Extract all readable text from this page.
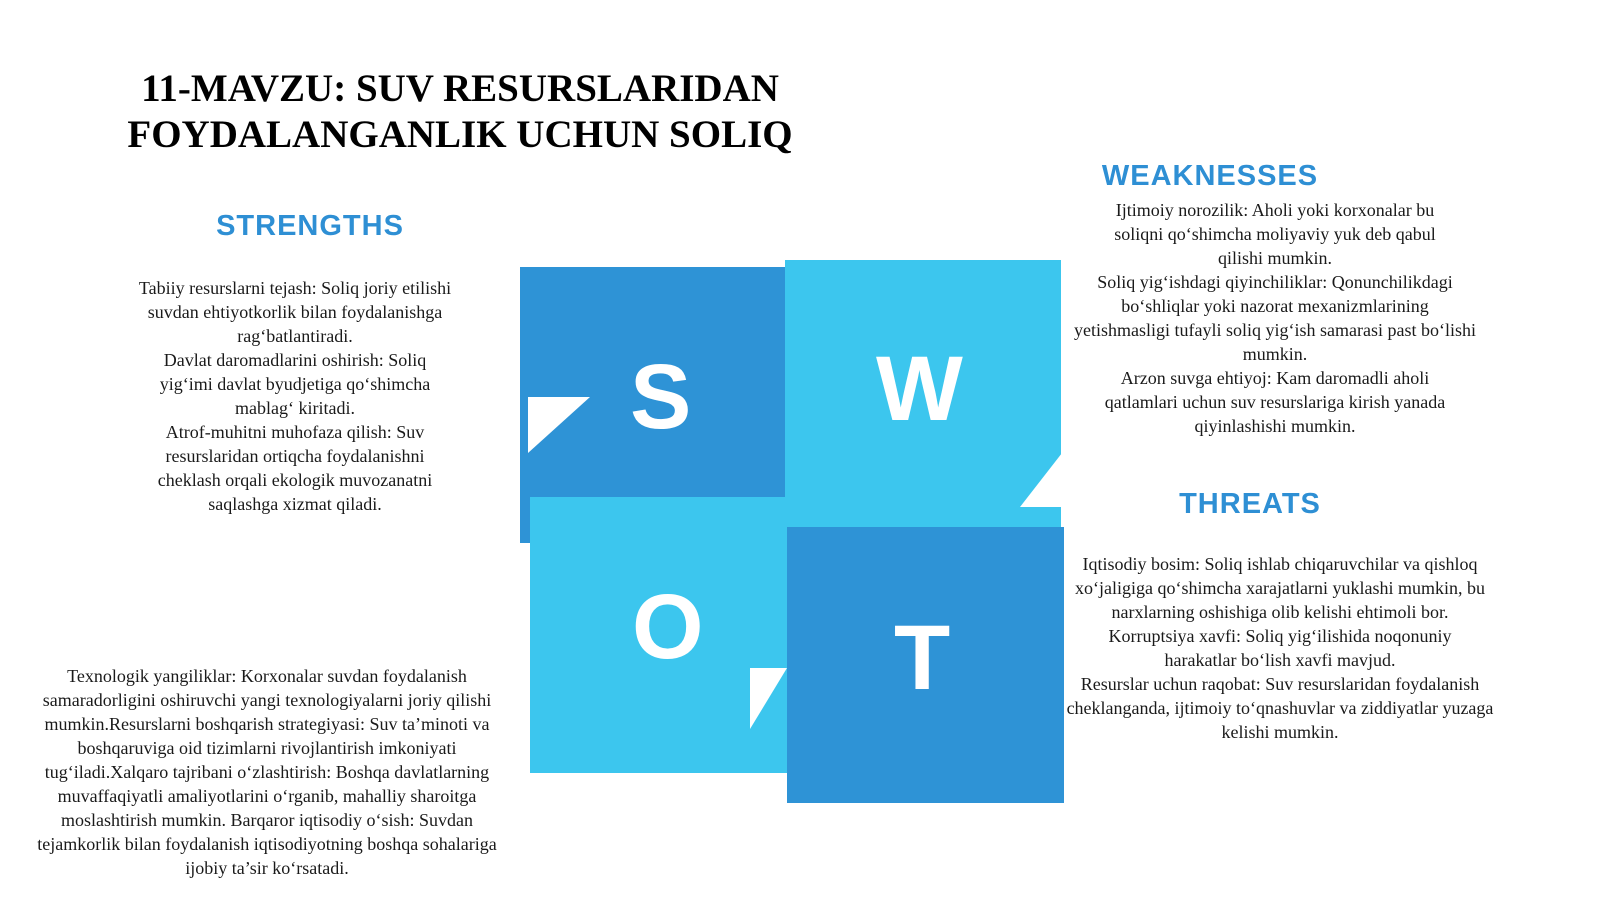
11-MAVZU: SUV RESURSLARIDAN
FOYDALANGANLIK UCHUN SOLIQ
STRENGTHS

Tabiiy resurslarni tejash: Soliq joriy etilishi suvdan ehtiyotkorlik bilan foydalanishga rag‘batlantiradi.

Davlat daromadlarini oshirish: Soliq yig‘imi davlat byudjetiga qo‘shimcha mablag‘ kiritadi.

Atrof-muhitni muhofaza qilish: Suv resurslaridan ortiqcha foydalanishni cheklash orqali ekologik muvozanatni saqlashga xizmat qiladi.

Texnologik yangiliklar: Korxonalar suvdan foydalanish samaradorligini oshiruvchi yangi texnologiyalarni joriy qilishi mumkin.Resurslarni boshqarish strategiyasi: Suv ta’minoti va boshqaruviga oid tizimlarni rivojlantirish imkoniyati tug‘iladi.Xalqaro tajribani o‘zlashtirish: Boshqa davlatlarning muvaffaqiyatli amaliyotlarini o‘rganib, mahalliy sharoitga moslashtirish mumkin. Barqaror iqtisodiy o‘sish: Suvdan tejamkorlik bilan foydalanish iqtisodiyotning boshqa sohalariga ijobiy ta’sir ko‘rsatadi.

S W
O T
WEAKNESSES

Ijtimoiy norozilik: Aholi yoki korxonalar bu soliqni qo‘shimcha moliyaviy yuk deb qabul qilishi mumkin.

Soliq yig‘ishdagi qiyinchiliklar: Qonunchilikdagi bo‘shliqlar yoki nazorat mexanizmlarining yetishmasligi tufayli soliq yig‘ish samarasi past bo‘lishi mumkin.

Arzon suvga ehtiyoj: Kam daromadli aholi qatlamlari uchun suv resurslariga kirish yanada qiyinlashishi mumkin.

THREATS

Iqtisodiy bosim: Soliq ishlab chiqaruvchilar va qishloq xo‘jaligiga qo‘shimcha xarajatlarni yuklashi mumkin, bu narxlarning oshishiga olib kelishi ehtimoli bor.

Korruptsiya xavfi: Soliq yig‘ilishida noqonuniy harakatlar bo‘lish xavfi mavjud.

Resurslar uchun raqobat: Suv resurslaridan foydalanish cheklanganda, ijtimoiy to‘qnashuvlar va ziddiyatlar yuzaga kelishi mumkin.
